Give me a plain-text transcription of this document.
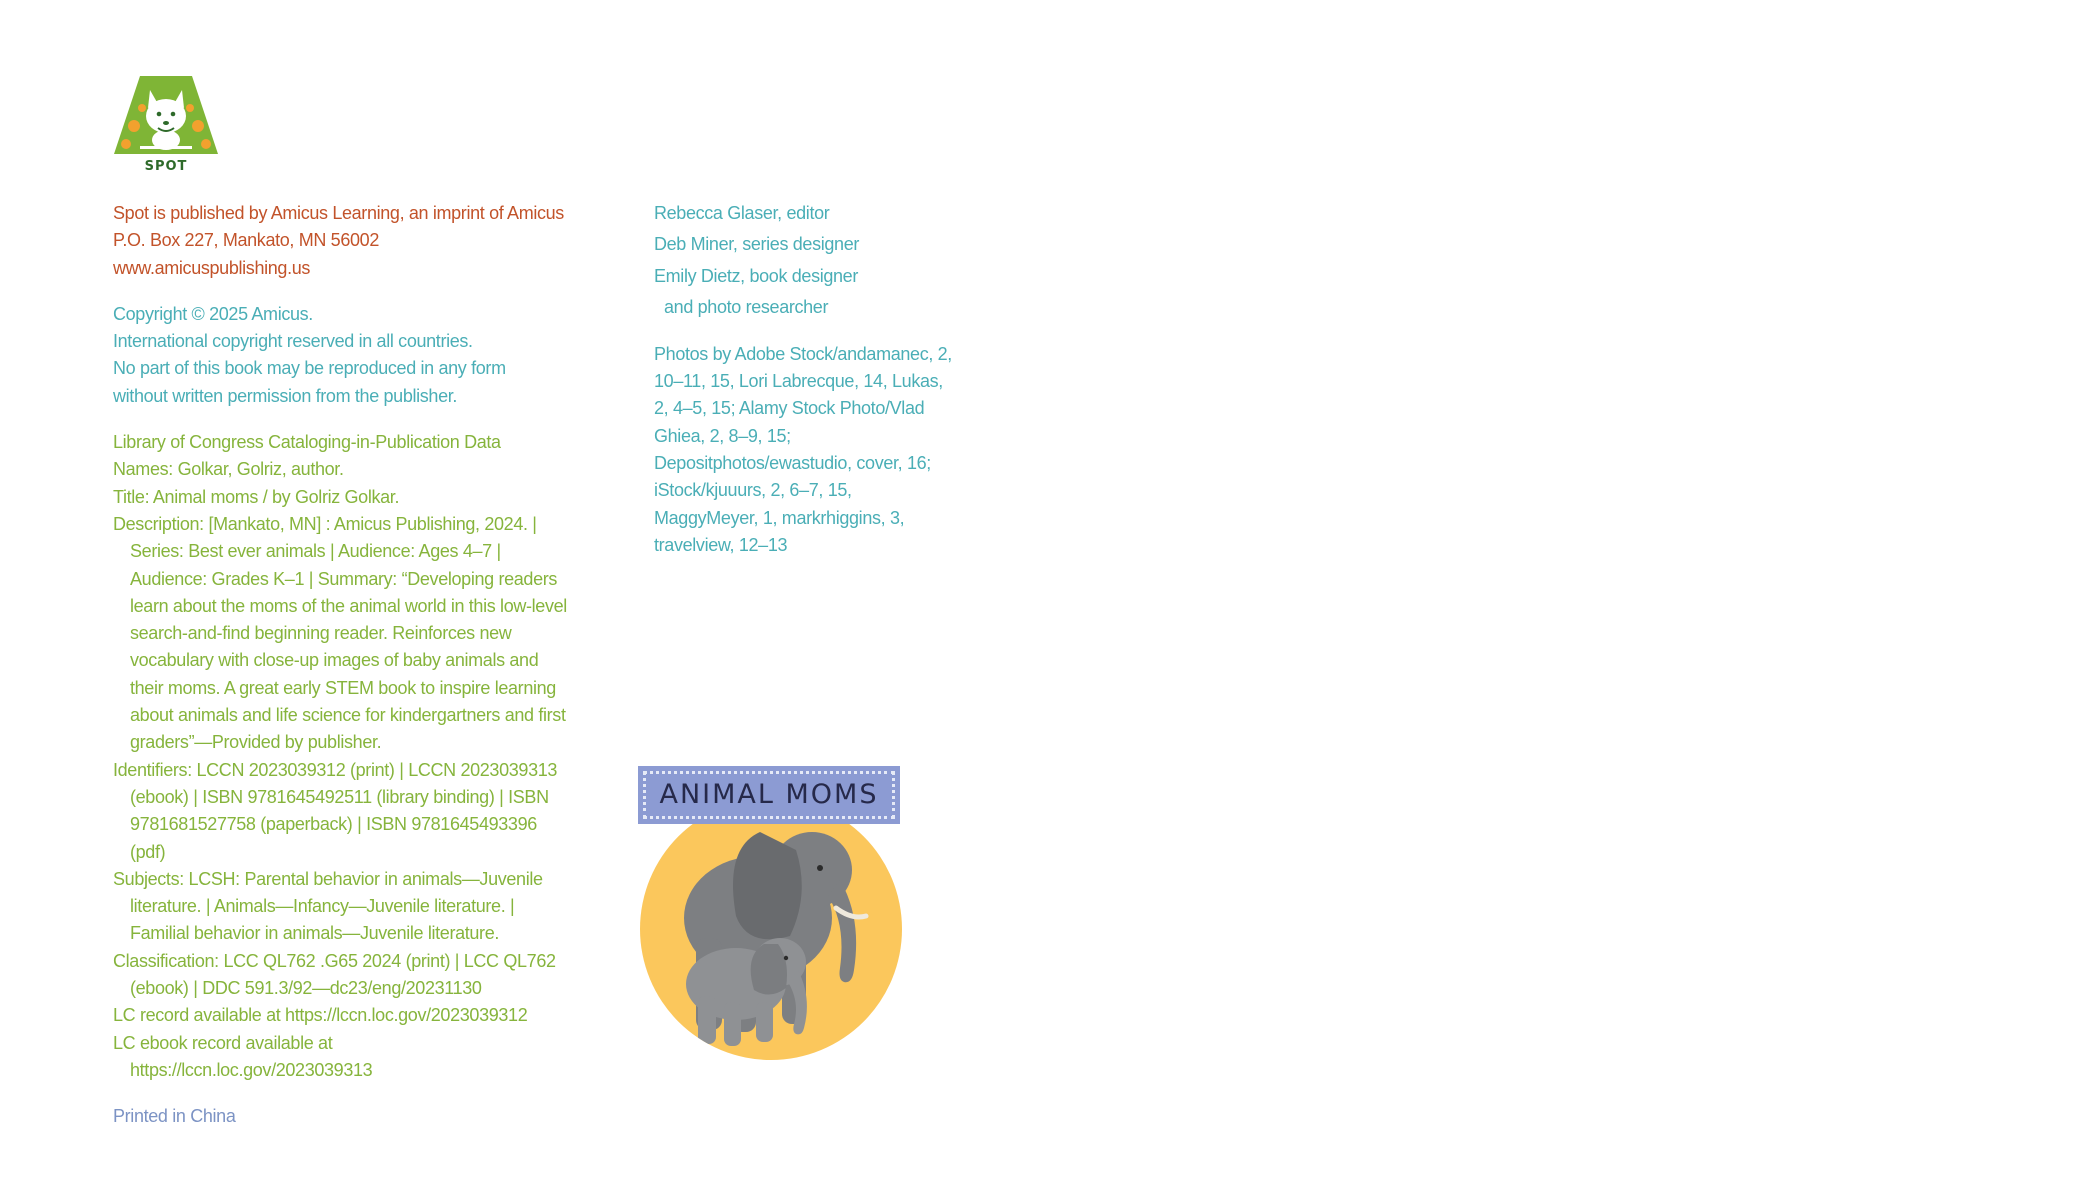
SPOT

Spot is published by Amicus Learning, an imprint of Amicus

P.O. Box 227, Mankato, MN 56002

www.amicuspublishing.us

Copyright © 2025 Amicus.

International copyright reserved in all countries.

No part of this book may be reproduced in any form

without written permission from the publisher.

Library of Congress Cataloging-in-Publication Data

Names: Golkar, Golriz, author.

Title: Animal moms / by Golriz Golkar.

Description: [Mankato, MN] : Amicus Publishing, 2024. | Series: Best ever animals | Audience: Ages 4–7 | Audience: Grades K–1 | Summary: “Developing readers learn about the moms of the animal world in this low-level search-and-find beginning reader. Reinforces new vocabulary with close-up images of baby animals and their moms. A great early STEM book to inspire learning about animals and life science for kindergartners and first graders”—Provided by publisher.

Identifiers: LCCN 2023039312 (print) | LCCN 2023039313 (ebook) | ISBN 9781645492511 (library binding) | ISBN 9781681527758 (paperback) | ISBN 9781645493396 (pdf)

Subjects: LCSH: Parental behavior in animals—Juvenile literature. | Animals—Infancy—Juvenile literature. | Familial behavior in animals—Juvenile literature.

Classification: LCC QL762 .G65 2024 (print) | LCC QL762 (ebook) | DDC 591.3/92—dc23/eng/20231130

LC record available at https://lccn.loc.gov/2023039312

LC ebook record available at https://lccn.loc.gov/2023039313

Printed in China

Rebecca Glaser, editor

Deb Miner, series designer

Emily Dietz, book designer

and photo researcher

Photos by Adobe Stock/andamanec, 2, 10–11, 15, Lori Labrecque, 14, Lukas, 2, 4–5, 15; Alamy Stock Photo/Vlad Ghiea, 2, 8–9, 15; Depositphotos/ewastudio, cover, 16; iStock/kjuuurs, 2, 6–7, 15, MaggyMeyer, 1, markrhiggins, 3, travelview, 12–13

ANIMAL MOMS
